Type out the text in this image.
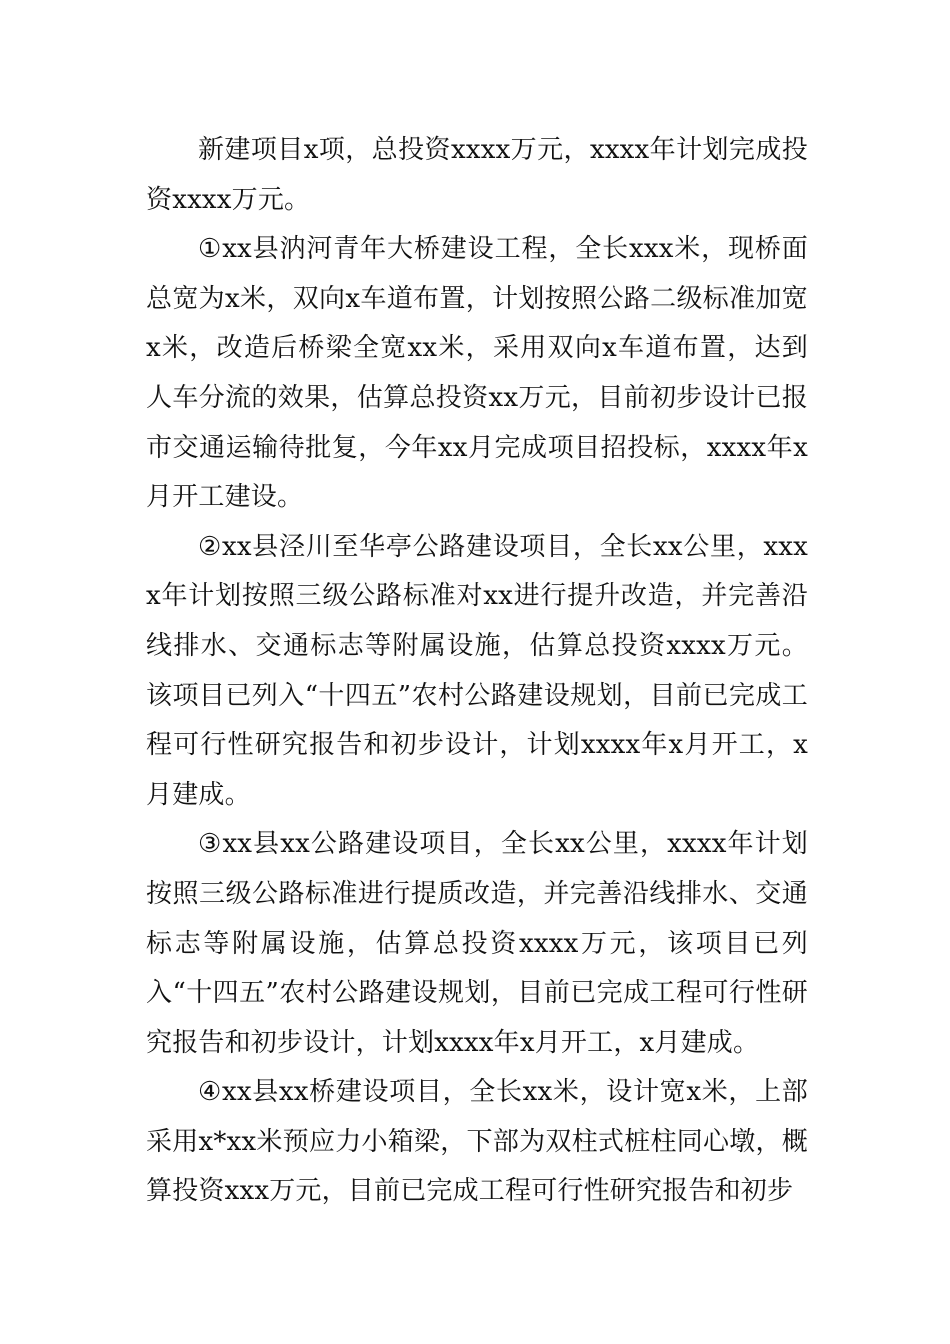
新建项目x项，总投资xxxx万元，xxxx年计划完成投资xxxx万元。

①xx县汭河青年大桥建设工程，全长xxx米，现桥面总宽为x米，双向x车道布置，计划按照公路二级标准加宽x米，改造后桥梁全宽xx米，采用双向x车道布置，达到人车分流的效果，估算总投资xx万元，目前初步设计已报市交通运输待批复，今年xx月完成项目招投标，xxxx年x月开工建设。

②xx县泾川至华亭公路建设项目，全长xx公里，xxxx年计划按照三级公路标准对xx进行提升改造，并完善沿线排水、交通标志等附属设施，估算总投资xxxx万元。该项目已列入“十四五”农村公路建设规划，目前已完成工程可行性研究报告和初步设计，计划xxxx年x月开工，x月建成。

③xx县xx公路建设项目，全长xx公里，xxxx年计划按照三级公路标准进行提质改造，并完善沿线排水、交通标志等附属设施，估算总投资xxxx万元，该项目已列入“十四五”农村公路建设规划，目前已完成工程可行性研究报告和初步设计，计划xxxx年x月开工，x月建成。

④xx县xx桥建设项目，全长xx米，设计宽x米，上部采用x*xx米预应力小箱梁，下部为双柱式桩柱同心墩，概算投资xxx万元，目前已完成工程可行性研究报告和初步
